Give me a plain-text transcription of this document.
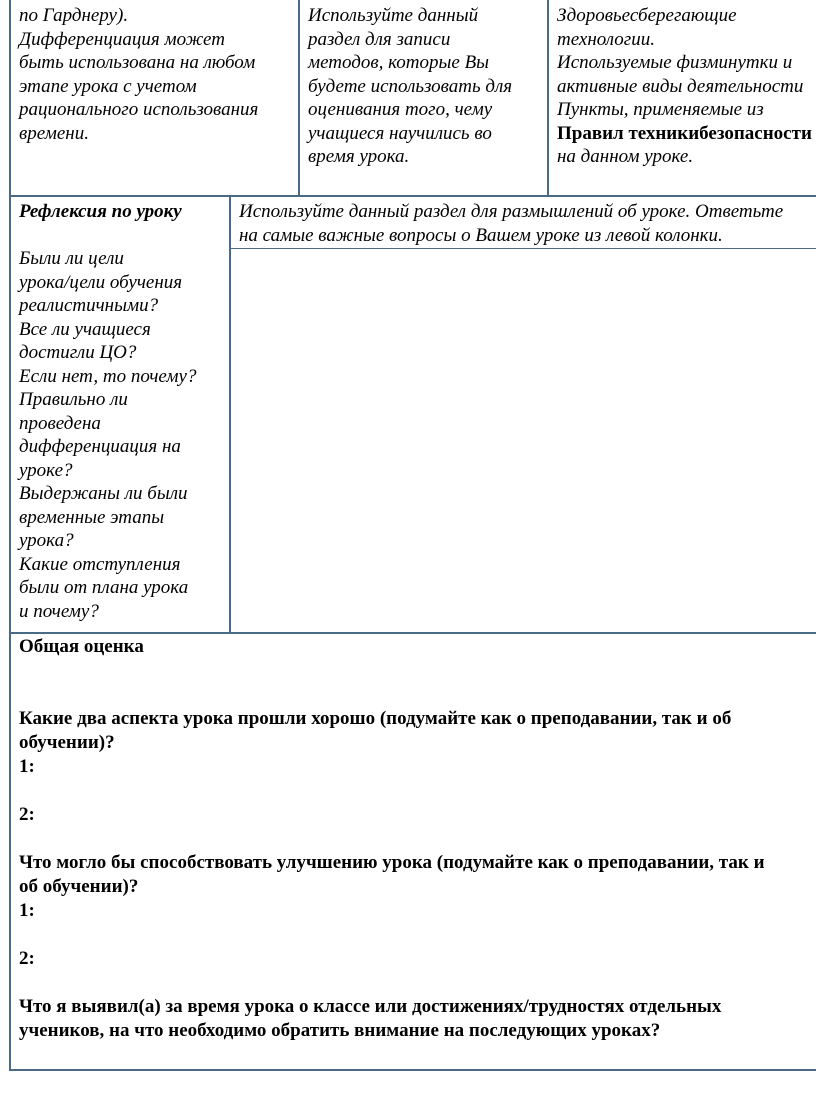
по Гарднеру).
Дифференциация может
быть использована на любом
этапе урока с учетом
рационального использования
времени.
Используйте данный
раздел для записи
методов, которые Вы
будете использовать для
оценивания того, чему
учащиеся научились во
время урока.
Здоровьесберегающие
технологии.
Используемые физминутки и
активные виды деятельности
Пункты, применяемые из
Правил техникибезопасности
на данном уроке.
Рефлексия по уроку
Были ли цели
урока/цели обучения
реалистичными?
Все ли учащиеся
достигли ЦО?
Если нет, то почему?
Правильно ли
проведена
дифференциация на
уроке?
Выдержаны ли были
временные этапы
урока?
Какие отступления
были от плана урока
и почему?
Используйте данный раздел для размышлений об уроке. Ответьте
на самые важные вопросы о Вашем уроке из левой колонки.
Общая оценка
Какие два аспекта урока прошли хорошо (подумайте как о преподавании, так и об
обучении)?
1:
2:
Что могло бы способствовать улучшению урока (подумайте как о преподавании, так и
об обучении)?
1:
2:
Что я выявил(а) за время урока о классе или достижениях/трудностях отдельных
учеников, на что необходимо обратить внимание на последующих уроках?
